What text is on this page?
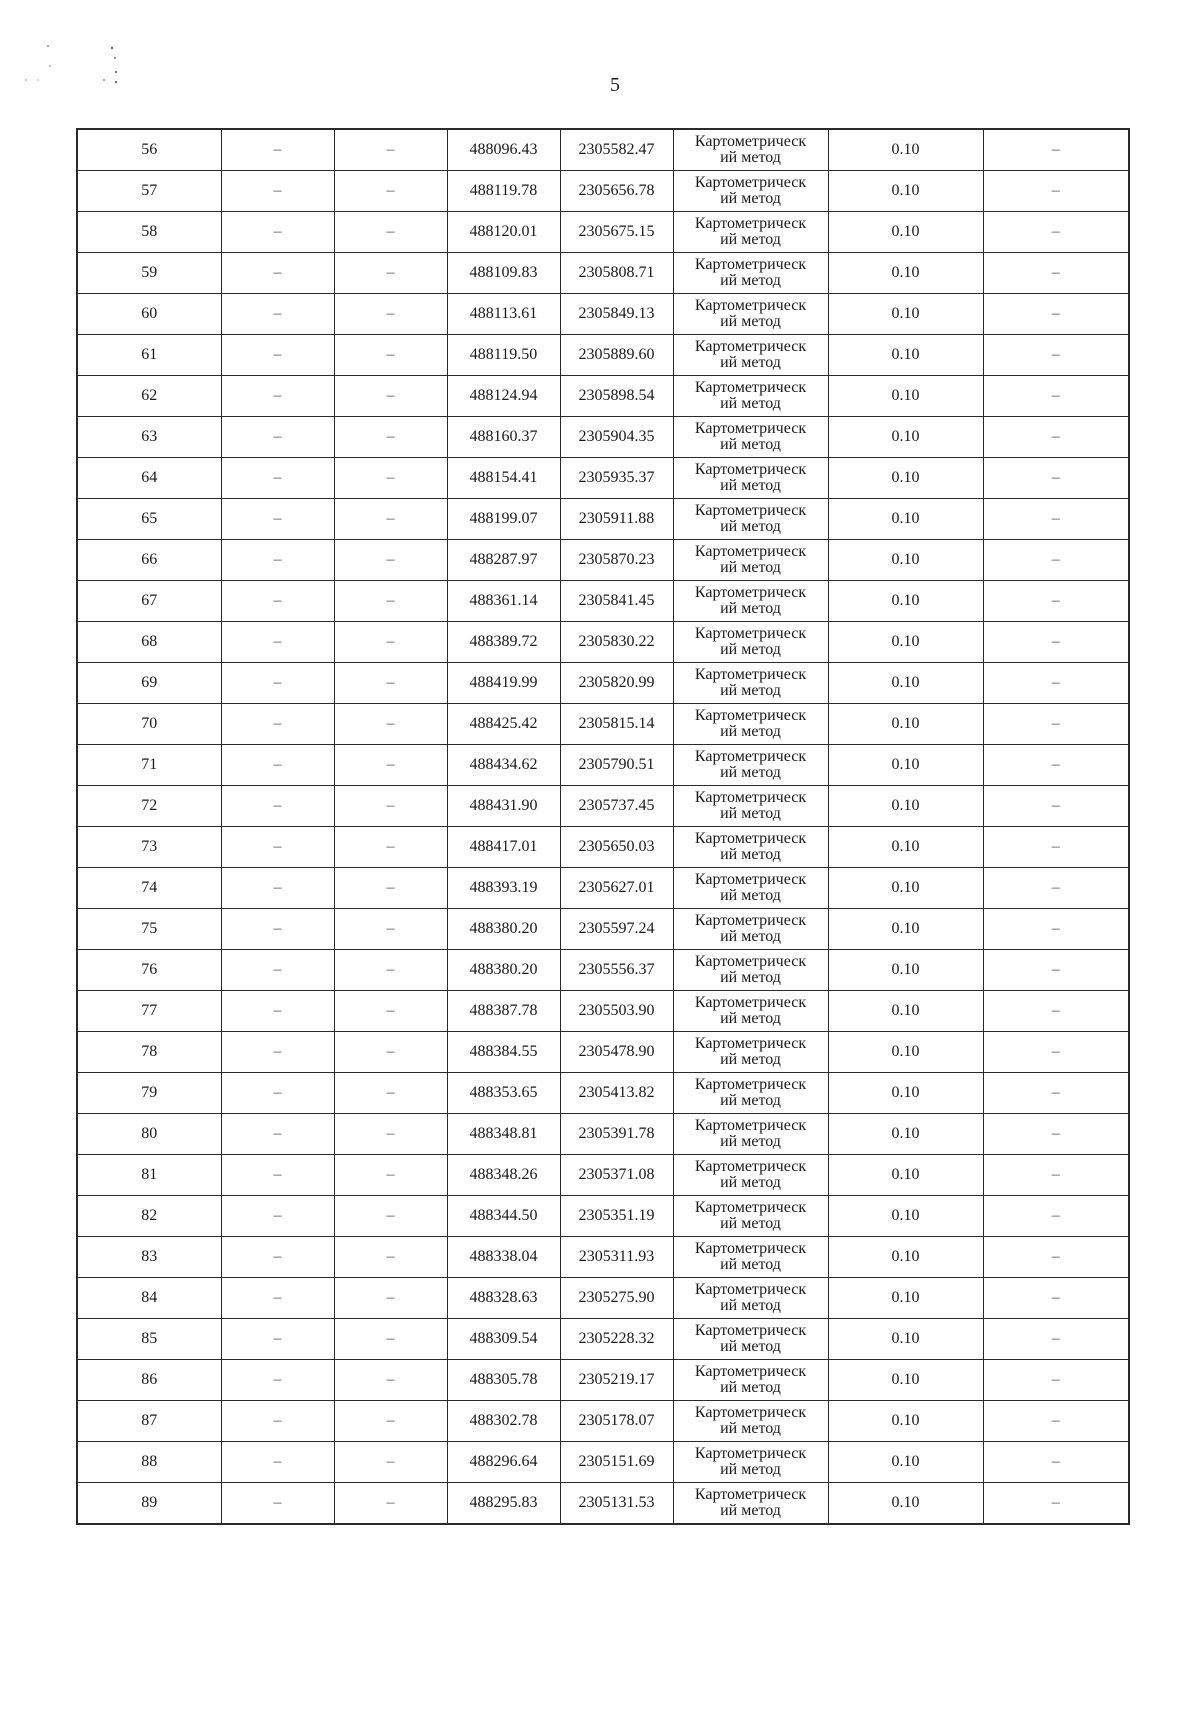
5
56	–	–	488096.43	2305582.47	Картометрическ
ий метод	0.10	–
57	–	–	488119.78	2305656.78	Картометрическ
ий метод	0.10	–
58	–	–	488120.01	2305675.15	Картометрическ
ий метод	0.10	–
59	–	–	488109.83	2305808.71	Картометрическ
ий метод	0.10	–
60	–	–	488113.61	2305849.13	Картометрическ
ий метод	0.10	–
61	–	–	488119.50	2305889.60	Картометрическ
ий метод	0.10	–
62	–	–	488124.94	2305898.54	Картометрическ
ий метод	0.10	–
63	–	–	488160.37	2305904.35	Картометрическ
ий метод	0.10	–
64	–	–	488154.41	2305935.37	Картометрическ
ий метод	0.10	–
65	–	–	488199.07	2305911.88	Картометрическ
ий метод	0.10	–
66	–	–	488287.97	2305870.23	Картометрическ
ий метод	0.10	–
67	–	–	488361.14	2305841.45	Картометрическ
ий метод	0.10	–
68	–	–	488389.72	2305830.22	Картометрическ
ий метод	0.10	–
69	–	–	488419.99	2305820.99	Картометрическ
ий метод	0.10	–
70	–	–	488425.42	2305815.14	Картометрическ
ий метод	0.10	–
71	–	–	488434.62	2305790.51	Картометрическ
ий метод	0.10	–
72	–	–	488431.90	2305737.45	Картометрическ
ий метод	0.10	–
73	–	–	488417.01	2305650.03	Картометрическ
ий метод	0.10	–
74	–	–	488393.19	2305627.01	Картометрическ
ий метод	0.10	–
75	–	–	488380.20	2305597.24	Картометрическ
ий метод	0.10	–
76	–	–	488380.20	2305556.37	Картометрическ
ий метод	0.10	–
77	–	–	488387.78	2305503.90	Картометрическ
ий метод	0.10	–
78	–	–	488384.55	2305478.90	Картометрическ
ий метод	0.10	–
79	–	–	488353.65	2305413.82	Картометрическ
ий метод	0.10	–
80	–	–	488348.81	2305391.78	Картометрическ
ий метод	0.10	–
81	–	–	488348.26	2305371.08	Картометрическ
ий метод	0.10	–
82	–	–	488344.50	2305351.19	Картометрическ
ий метод	0.10	–
83	–	–	488338.04	2305311.93	Картометрическ
ий метод	0.10	–
84	–	–	488328.63	2305275.90	Картометрическ
ий метод	0.10	–
85	–	–	488309.54	2305228.32	Картометрическ
ий метод	0.10	–
86	–	–	488305.78	2305219.17	Картометрическ
ий метод	0.10	–
87	–	–	488302.78	2305178.07	Картометрическ
ий метод	0.10	–
88	–	–	488296.64	2305151.69	Картометрическ
ий метод	0.10	–
89	–	–	488295.83	2305131.53	Картометрическ
ий метод	0.10	–
